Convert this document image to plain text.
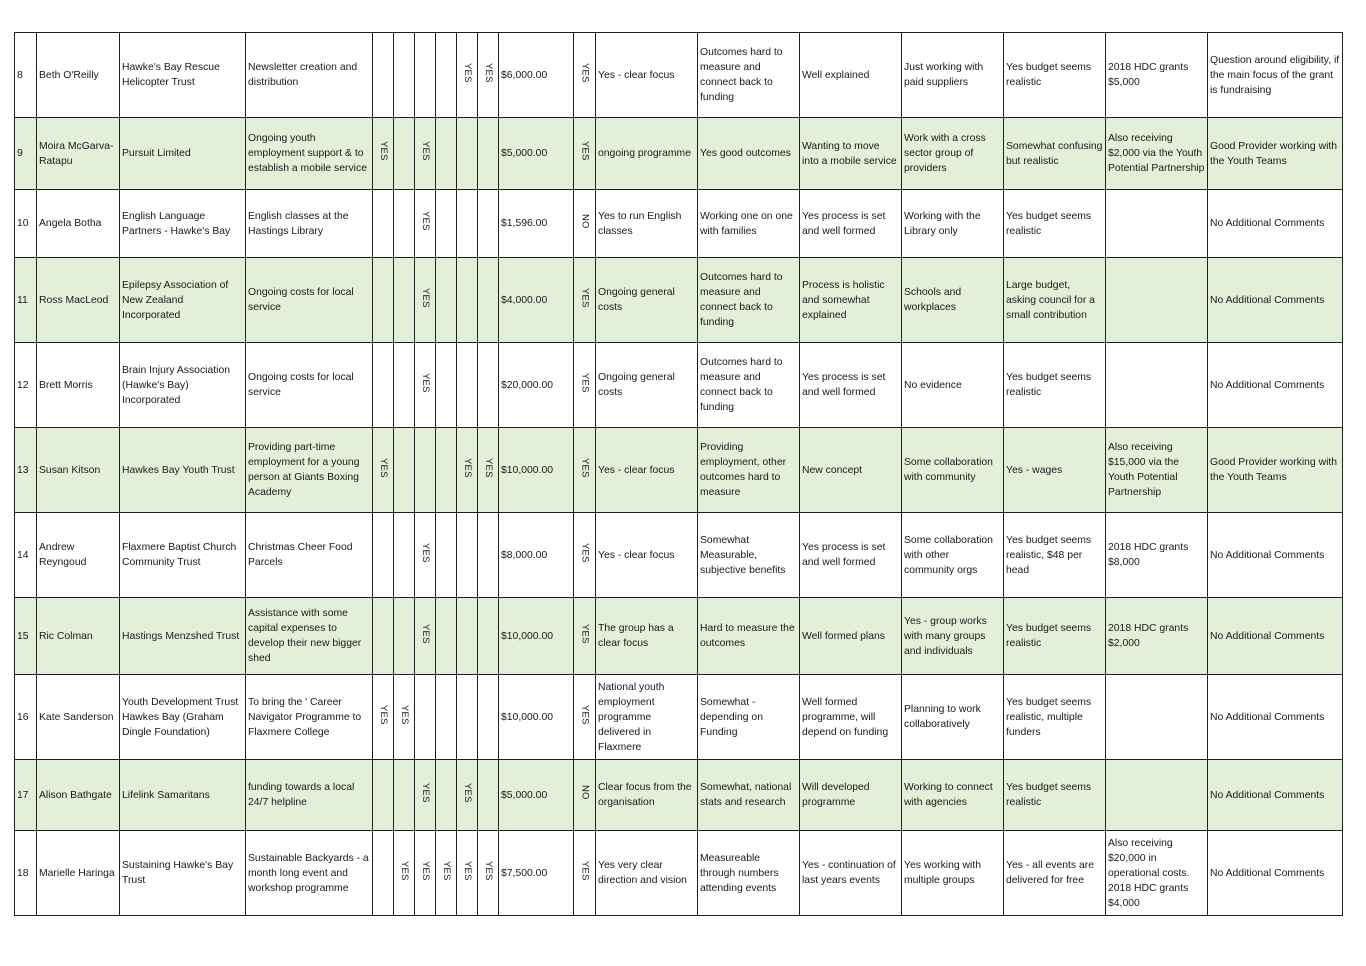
8	Beth O'Reilly	Hawke's Bay Rescue Helicopter Trust	Newsletter creation and distribution					YES	YES	$6,000.00	YES	Yes - clear focus	Outcomes hard to measure and connect back to funding	Well explained	Just working with paid suppliers	Yes budget seems realistic	2018 HDC grants $5,000	Question around eligibility, if the main focus of the grant is fundraising
9	Moira McGarva-Ratapu	Pursuit Limited	Ongoing youth employment support & to establish a mobile service	YES		YES				$5,000.00	YES	ongoing programme	Yes good outcomes	Wanting to move into a mobile service	Work with a cross sector group of providers	Somewhat confusing but realistic	Also receiving $2,000 via the Youth Potential Partnership	Good Provider working with the Youth Teams
10	Angela Botha	English Language Partners - Hawke's Bay	English classes at the Hastings Library			YES				$1,596.00	NO	Yes to run English classes	Working one on one with families	Yes process is set and well formed	Working with the Library only	Yes budget seems realistic		No Additional Comments
11	Ross MacLeod	Epilepsy Association of New Zealand Incorporated	Ongoing costs for local service			YES				$4,000.00	YES	Ongoing general costs	Outcomes hard to measure and connect back to funding	Process is holistic and somewhat explained	Schools and workplaces	Large budget, asking council for a small contribution		No Additional Comments
12	Brett Morris	Brain Injury Association (Hawke's Bay) Incorporated	Ongoing costs for local service			YES				$20,000.00	YES	Ongoing general costs	Outcomes hard to measure and connect back to funding	Yes process is set and well formed	No evidence	Yes budget seems realistic		No Additional Comments
13	Susan Kitson	Hawkes Bay Youth Trust	Providing part-time employment for a young person at Giants Boxing Academy	YES				YES	YES	$10,000.00	YES	Yes - clear focus	Providing employment, other outcomes hard to measure	New concept	Some collaboration with community	Yes - wages	Also receiving $15,000 via the Youth Potential Partnership	Good Provider working with the Youth Teams
14	Andrew Reyngoud	Flaxmere Baptist Church Community Trust	Christmas Cheer Food Parcels			YES				$8,000.00	YES	Yes - clear focus	Somewhat Measurable, subjective benefits	Yes process is set and well formed	Some collaboration with other community orgs	Yes budget seems realistic, $48 per head	2018 HDC grants $8,000	No Additional Comments
15	Ric Colman	Hastings Menzshed Trust	Assistance with some capital expenses to develop their new bigger shed			YES				$10,000.00	YES	The group has a clear focus	Hard to measure the outcomes	Well formed plans	Yes - group works with many groups and individuals	Yes budget seems realistic	2018 HDC grants $2,000	No Additional Comments
16	Kate Sanderson	Youth Development Trust Hawkes Bay (Graham Dingle Foundation)	To bring the ' Career Navigator Programme to Flaxmere College	YES	YES					$10,000.00	YES	National youth employment programme delivered in Flaxmere	Somewhat - depending on Funding	Well formed programme, will depend on funding	Planning to work collaboratively	Yes budget seems realistic, multiple funders		No Additional Comments
17	Alison Bathgate	Lifelink Samaritans	funding towards a local 24/7 helpline			YES		YES		$5,000.00	NO	Clear focus from the organisation	Somewhat, national stats and research	Will developed programme	Working to connect with agencies	Yes budget seems realistic		No Additional Comments
18	Marielle Haringa	Sustaining Hawke's Bay Trust	Sustainable Backyards - a month long event and workshop programme		YES	YES	YES	YES	YES	$7,500.00	YES	Yes very clear direction and vision	Measureable through numbers attending events	Yes - continuation of last years events	Yes working with multiple groups	Yes - all events are delivered for free	Also receiving $20,000 in operational costs. 2018 HDC grants $4,000	No Additional Comments
